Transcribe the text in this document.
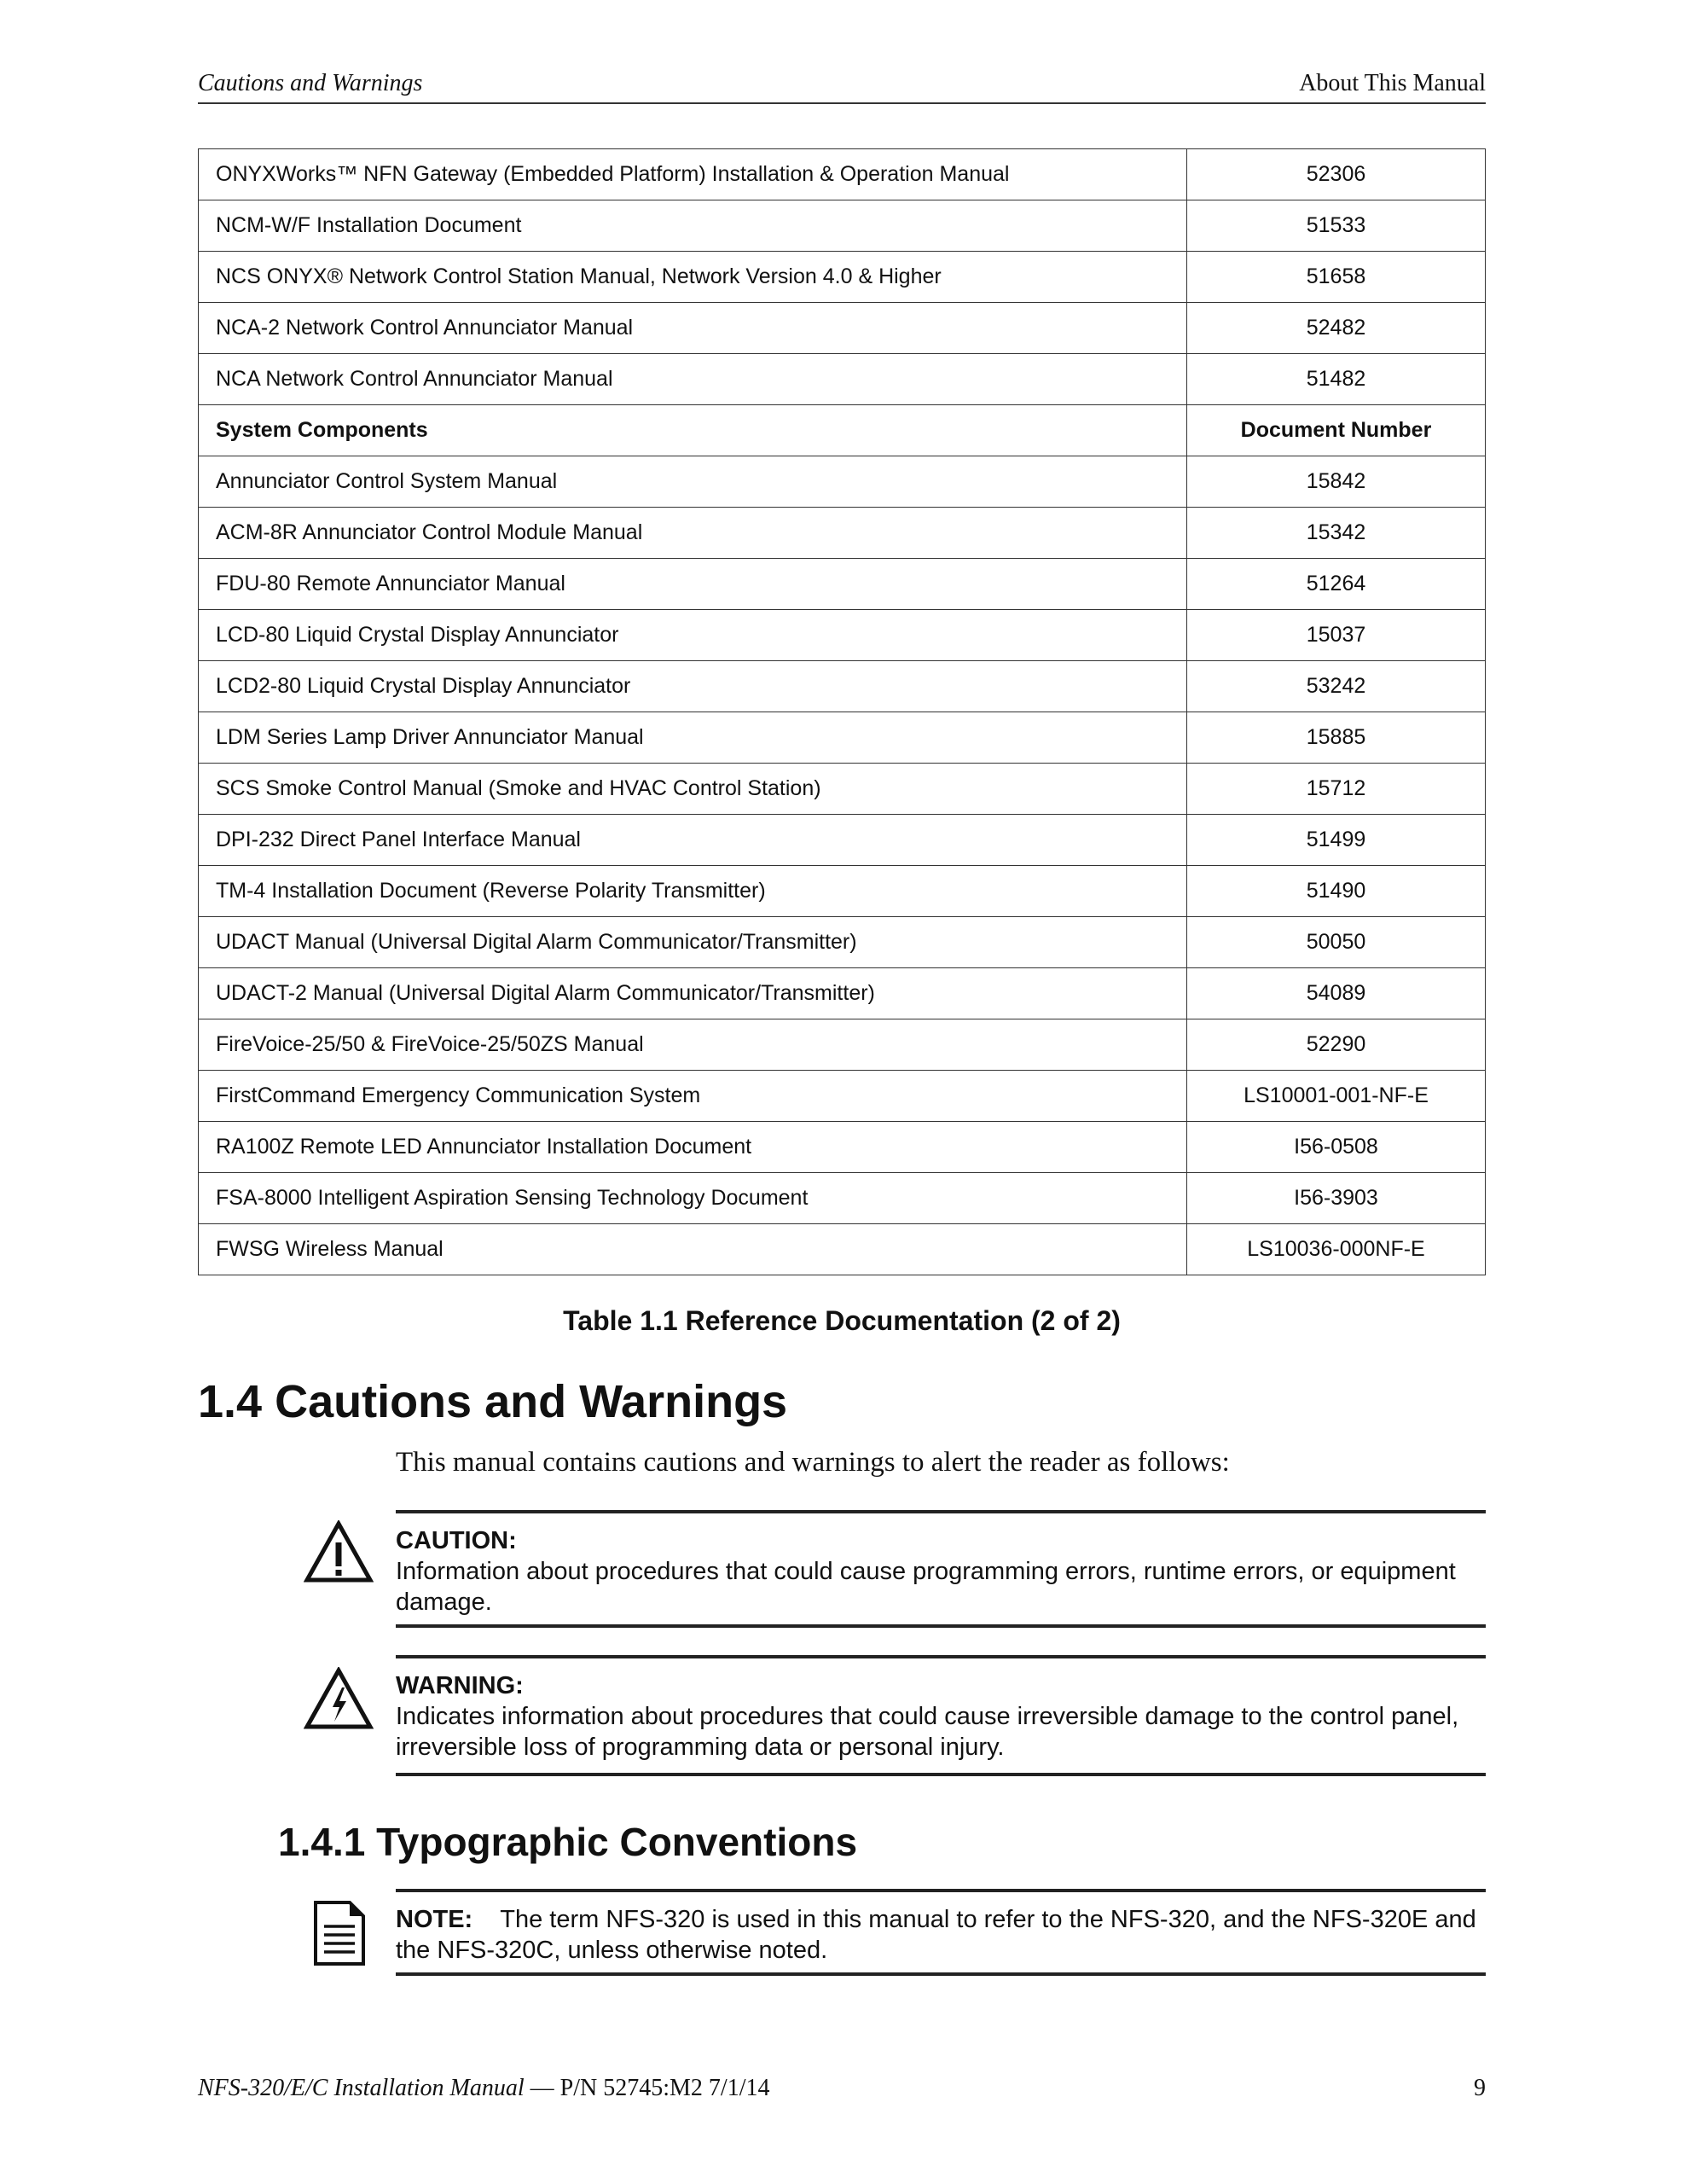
Cautions and Warnings	About This Manual
ONYXWorks™ NFN Gateway (Embedded Platform) Installation & Operation Manual	52306
NCM-W/F Installation Document	51533
NCS ONYX® Network Control Station Manual, Network Version 4.0 & Higher	51658
NCA-2 Network Control Annunciator Manual	52482
NCA Network Control Annunciator Manual	51482
System Components	Document Number
Annunciator Control System Manual	15842
ACM-8R Annunciator Control Module Manual	15342
FDU-80 Remote Annunciator Manual	51264
LCD-80 Liquid Crystal Display Annunciator	15037
LCD2-80 Liquid Crystal Display Annunciator	53242
LDM Series Lamp Driver Annunciator Manual	15885
SCS Smoke Control Manual (Smoke and HVAC Control Station)	15712
DPI-232 Direct Panel Interface Manual	51499
TM-4 Installation Document (Reverse Polarity Transmitter)	51490
UDACT Manual (Universal Digital Alarm Communicator/Transmitter)	50050
UDACT-2 Manual (Universal Digital Alarm Communicator/Transmitter)	54089
FireVoice-25/50 & FireVoice-25/50ZS Manual	52290
FirstCommand Emergency Communication System	LS10001-001-NF-E
RA100Z Remote LED Annunciator Installation Document	I56-0508
FSA-8000 Intelligent Aspiration Sensing Technology Document	I56-3903
FWSG Wireless Manual	LS10036-000NF-E
Table 1.1 Reference Documentation (2 of 2)
1.4 Cautions and Warnings
This manual contains cautions and warnings to alert the reader as follows:
CAUTION:
Information about procedures that could cause programming errors, runtime errors, or equipment damage.
WARNING:
Indicates information about procedures that could cause irreversible damage to the control panel, irreversible loss of programming data or personal injury.
1.4.1 Typographic Conventions
NOTE: The term NFS-320 is used in this manual to refer to the NFS-320, and the NFS-320E and the NFS-320C, unless otherwise noted.
NFS-320/E/C Installation Manual — P/N 52745:M2 7/1/14	9
